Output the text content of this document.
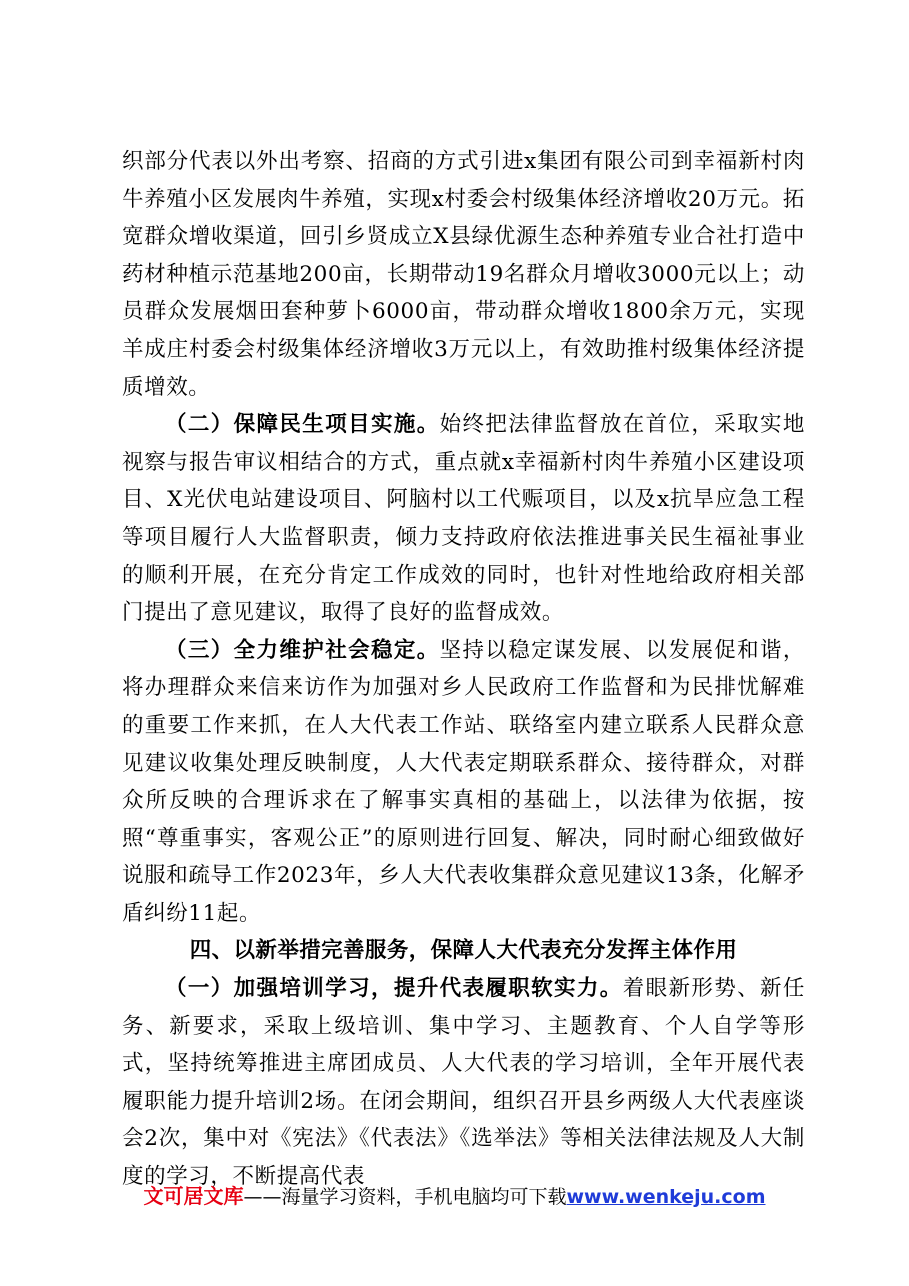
织部分代表以外出考察、招商的方式引进x集团有限公司到幸福新村肉牛养殖小区发展肉牛养殖，实现x村委会村级集体经济增收20万元。拓宽群众增收渠道，回引乡贤成立X县绿优源生态种养殖专业合社打造中药材种植示范基地200亩，长期带动19名群众月增收3000元以上；动员群众发展烟田套种萝卜6000亩，带动群众增收1800余万元，实现羊成庄村委会村级集体经济增收3万元以上，有效助推村级集体经济提质增效。

（二）保障民生项目实施。始终把法律监督放在首位，采取实地视察与报告审议相结合的方式，重点就x幸福新村肉牛养殖小区建设项目、X光伏电站建设项目、阿脑村以工代赈项目，以及x抗旱应急工程等项目履行人大监督职责，倾力支持政府依法推进事关民生福祉事业的顺利开展，在充分肯定工作成效的同时，也针对性地给政府相关部门提出了意见建议，取得了良好的监督成效。

（三）全力维护社会稳定。坚持以稳定谋发展、以发展促和谐，将办理群众来信来访作为加强对乡人民政府工作监督和为民排忧解难的重要工作来抓，在人大代表工作站、联络室内建立联系人民群众意见建议收集处理反映制度，人大代表定期联系群众、接待群众，对群众所反映的合理诉求在了解事实真相的基础上，以法律为依据，按照“尊重事实，客观公正”的原则进行回复、解决，同时耐心细致做好说服和疏导工作2023年，乡人大代表收集群众意见建议13条，化解矛盾纠纷11起。

四、以新举措完善服务，保障人大代表充分发挥主体作用

（一）加强培训学习，提升代表履职软实力。着眼新形势、新任务、新要求，采取上级培训、集中学习、主题教育、个人自学等形式，坚持统筹推进主席团成员、人大代表的学习培训，全年开展代表履职能力提升培训2场。在闭会期间，组织召开县乡两级人大代表座谈会2次，集中对《宪法》《代表法》《选举法》等相关法律法规及人大制度的学习，不断提高代表

文可居文库——海量学习资料，手机电脑均可下载www.wenkeju.com
